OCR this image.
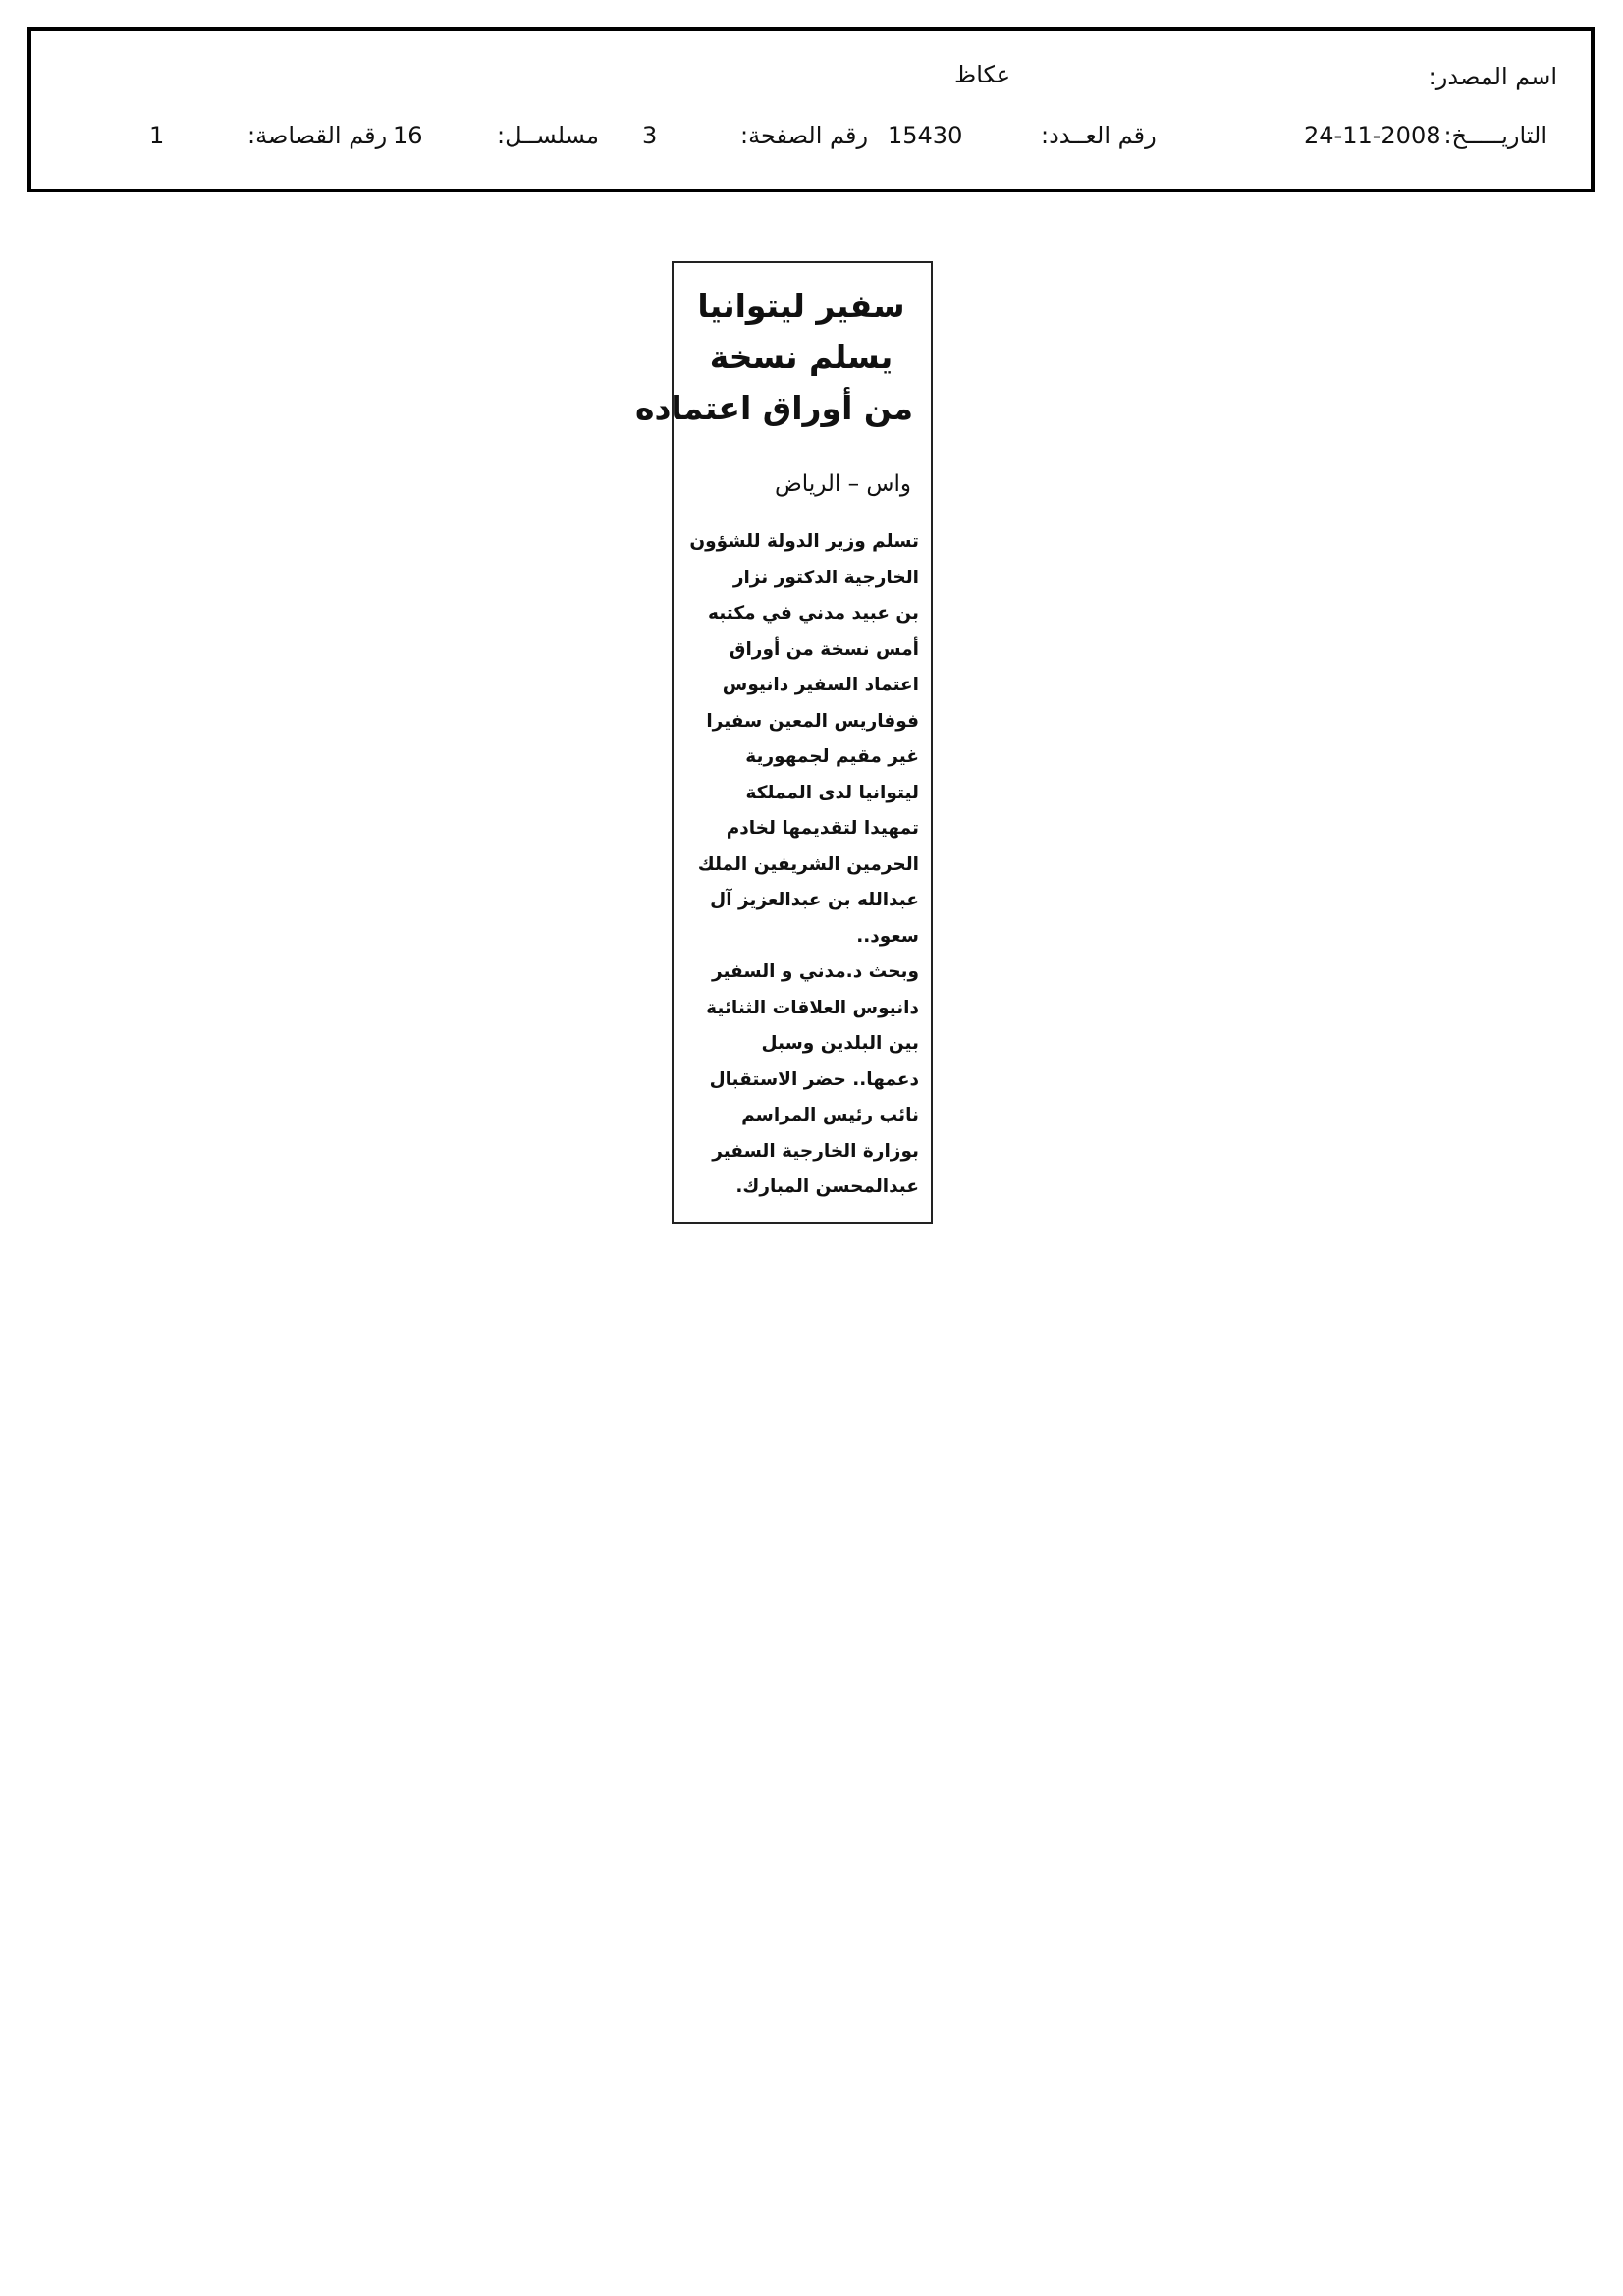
اسم المصدر:
عكاظ
التاريـــــخ:
24-11-2008
رقم العــدد:
15430
رقم الصفحة:
3
مسلســل:
16
رقم القصاصة:
1
سفير ليتوانيا
يسلم نسخة
من أوراق اعتماده
واس – الرياض
تسلم وزير الدولة للشؤون
الخارجية الدكتور نزار
بن عبيد مدني في مكتبه
أمس نسخة من أوراق
اعتماد السفير دانيوس
فوفاريس المعين سفيرا
غير مقيم لجمهورية
ليتوانيا لدى المملكة
تمهيدا لتقديمها لخادم
الحرمين الشريفين الملك
عبدالله بن عبدالعزيز آل
سعود..
وبحث د.مدني و السفير
دانيوس العلاقات الثنائية
بين البلدين وسبل
دعمها.. حضر الاستقبال
نائب رئيس المراسم
بوزارة الخارجية السفير
عبدالمحسن المبارك.
